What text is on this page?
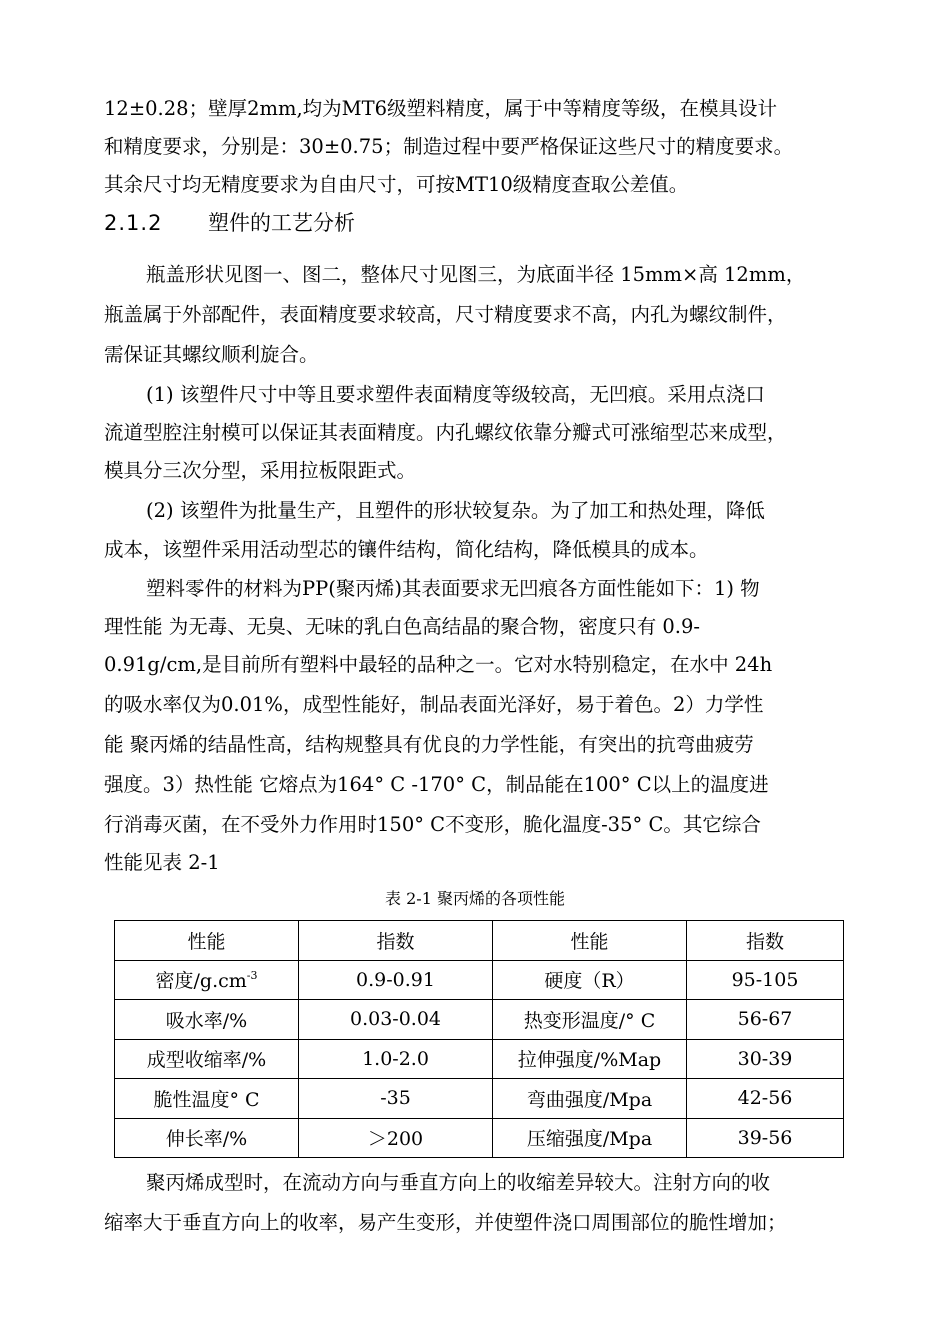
12±0.28；壁厚2mm,均为MT6级塑料精度，属于中等精度等级，在模具设计
和精度要求，分别是：30±0.75；制造过程中要严格保证这些尺寸的精度要求。
其余尺寸均无精度要求为自由尺寸，可按MT10级精度查取公差值。
2.1.2 塑件的工艺分析
瓶盖形状见图一、图二，整体尺寸见图三，为底面半径 15mm×高 12mm，
瓶盖属于外部配件，表面精度要求较高，尺寸精度要求不高，内孔为螺纹制件，
需保证其螺纹顺利旋合。
(1) 该塑件尺寸中等且要求塑件表面精度等级较高，无凹痕。采用点浇口
流道型腔注射模可以保证其表面精度。内孔螺纹依靠分瓣式可涨缩型芯来成型，
模具分三次分型，采用拉板限距式。
(2) 该塑件为批量生产，且塑件的形状较复杂。为了加工和热处理，降低
成本，该塑件采用活动型芯的镶件结构，简化结构，降低模具的成本。
塑料零件的材料为PP(聚丙烯)其表面要求无凹痕各方面性能如下：1) 物
理性能 为无毒、无臭、无味的乳白色高结晶的聚合物，密度只有 0.9-
0.91g/cm,是目前所有塑料中最轻的品种之一。它对水特别稳定，在水中 24h
的吸水率仅为0.01%，成型性能好，制品表面光泽好，易于着色。2）力学性
能 聚丙烯的结晶性高，结构规整具有优良的力学性能，有突出的抗弯曲疲劳
强度。3）热性能 它熔点为164° C -170° C，制品能在100° C以上的温度进
行消毒灭菌，在不受外力作用时150° C不变形，脆化温度-35° C。其它综合
性能见表 2-1
表 2-1 聚丙烯的各项性能
性能	指数	性能	指数
密度$/g.cm^{-3}$	0.9-0.91	硬度（R）	95-105
吸水率/%	0.03-0.04	热变形温度/° C	56-67
成型收缩率/%	1.0-2.0	拉伸强度/%Map	30-39
脆性温度° C	-35	弯曲强度/Mpa	42-56
伸长率/%	＞200	压缩强度/Mpa	39-56
聚丙烯成型时，在流动方向与垂直方向上的收缩差异较大。注射方向的收
缩率大于垂直方向上的收率，易产生变形，并使塑件浇口周围部位的脆性增加；
